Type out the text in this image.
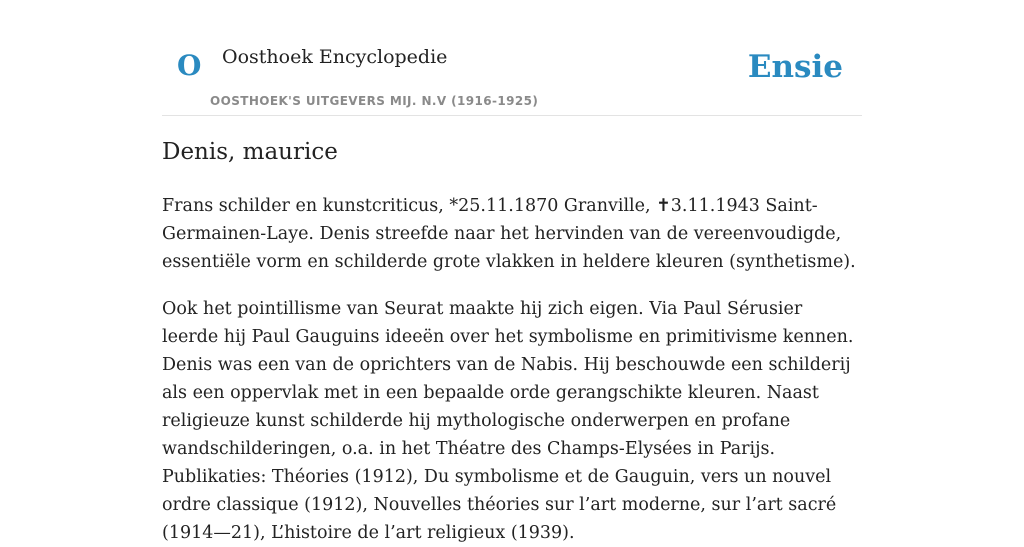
O Oosthoek Encyclopedie
OOSTHOEK'S UITGEVERS MIJ. N.V (1916-1925)
Ensie
Denis, maurice

Frans schilder en kunstcriticus, *25.11.1870 Granville, ✝3.11.1943 Saint-Germainen-Laye. Denis streefde naar het hervinden van de vereenvoudigde, essentiële vorm en schilderde grote vlakken in heldere kleuren (synthetisme).

Ook het pointillisme van Seurat maakte hij zich eigen. Via Paul Sérusier leerde hij Paul Gauguins ideeën over het symbolisme en primitivisme kennen. Denis was een van de oprichters van de Nabis. Hij beschouwde een schilderij als een oppervlak met in een bepaalde orde gerangschikte kleuren. Naast religieuze kunst schilderde hij mythologische onderwerpen en profane wandschilderingen, o.a. in het Théatre des Champs-Elysées in Parijs. Publikaties: Théories (1912), Du symbolisme et de Gauguin, vers un nouvel ordre classique (1912), Nouvelles théories sur l’art moderne, sur l’art sacré (1914—21), L’histoire de l’art religieux (1939).
